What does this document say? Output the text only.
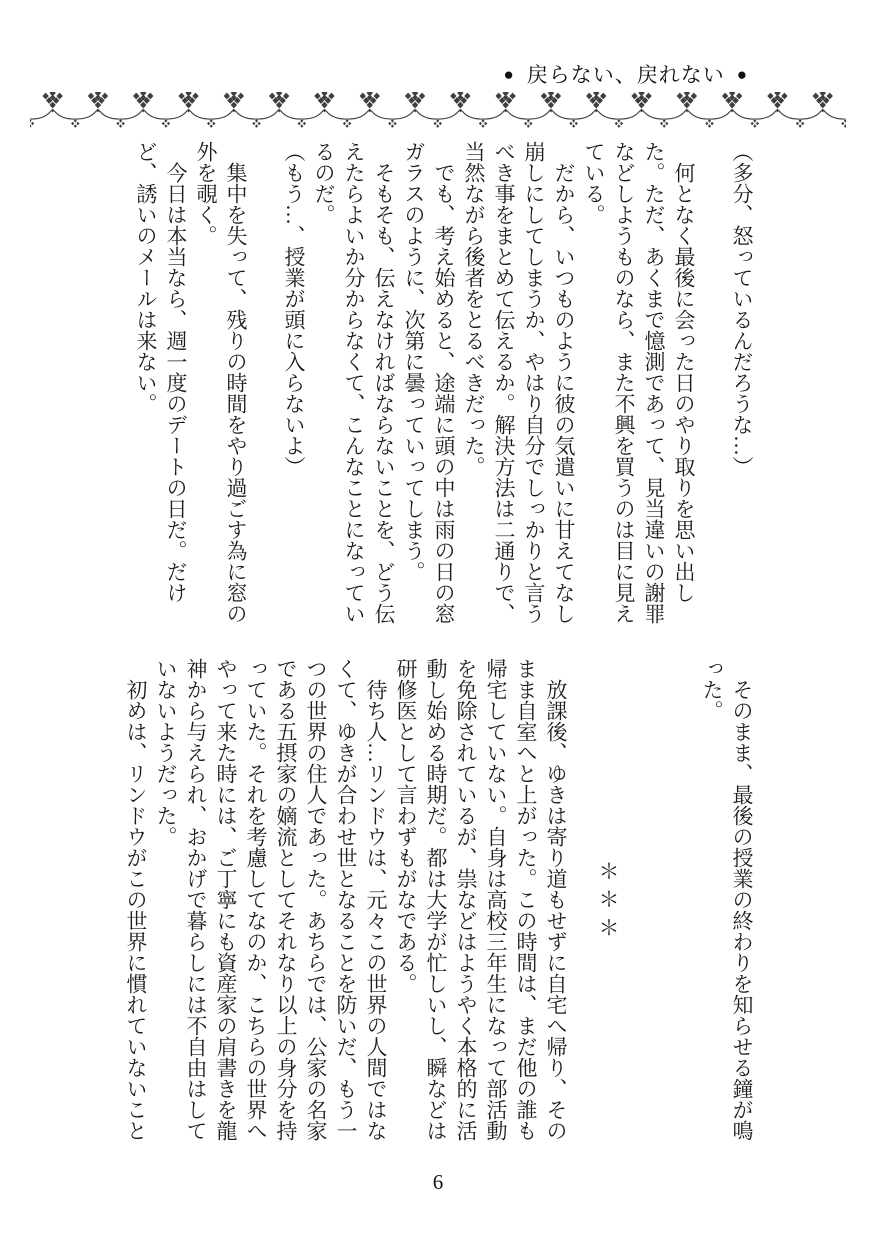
● 戻らない、戻れない ●

（多分、怒っているんだろうな…）

何となく最後に会った日のやり取りを思い出した。ただ、あくまで憶測であって、見当違いの謝罪などしようものなら、また不興を買うのは目に見えている。

だから、いつものように彼の気遣いに甘えてなし崩しにしてしまうか、やはり自分でしっかりと言うべき事をまとめて伝えるか。解決方法は二通りで、当然ながら後者をとるべきだった。

でも、考え始めると、途端に頭の中は雨の日の窓ガラスのように、次第に曇っていってしまう。

そもそも、伝えなければならないことを、どう伝えたらよいか分からなくて、こんなことになっているのだ。

（もう…、授業が頭に入らないよ）

集中を失って、残りの時間をやり過ごす為に窓の外を覗く。

今日は本当なら、週一度のデートの日だ。だけど、誘いのメールは来ない。

そのまま、最後の授業の終わりを知らせる鐘が鳴った。

＊＊＊

放課後、ゆきは寄り道もせずに自宅へ帰り、そのまま自室へと上がった。この時間は、まだ他の誰も帰宅していない。自身は高校三年生になって部活動を免除されているが、祟などはようやく本格的に活動し始める時期だ。都は大学が忙しいし、瞬などは研修医として言わずもがなである。

待ち人…リンドウは、元々この世界の人間ではなくて、ゆきが合わせ世となることを防いだ、もう一つの世界の住人であった。あちらでは、公家の名家である五摂家の嫡流としてそれなり以上の身分を持っていた。それを考慮してなのか、こちらの世界へやって来た時には、ご丁寧にも資産家の肩書きを龍神から与えられ、おかげで暮らしには不自由はしていないようだった。

初めは、リンドウがこの世界に慣れていないこと

6
